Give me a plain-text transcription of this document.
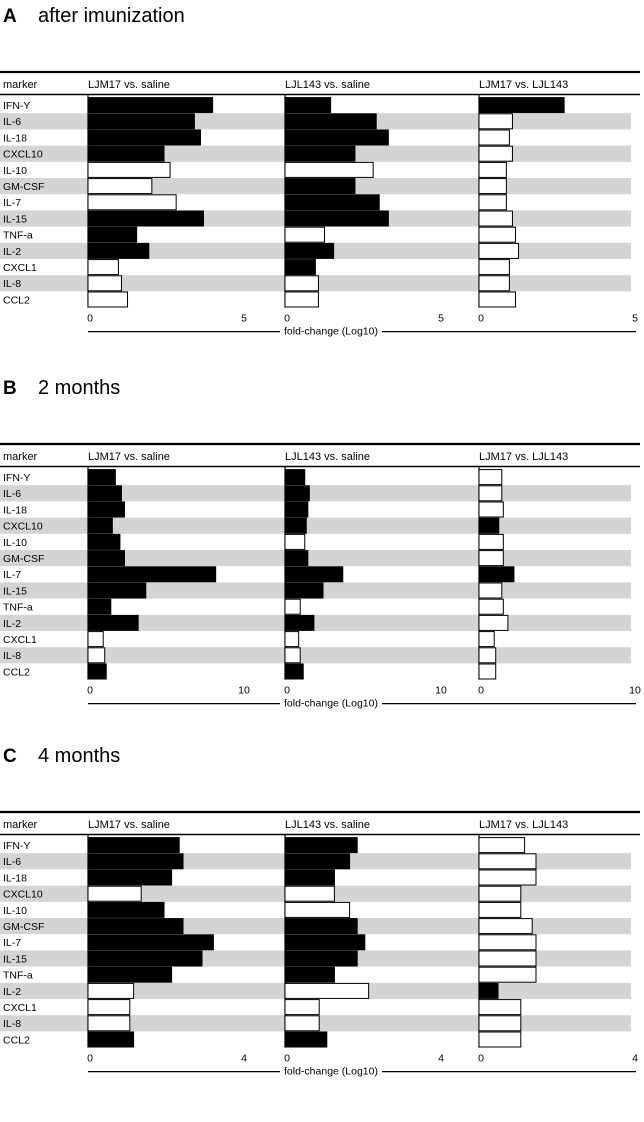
A after imunization
marker
IFN-Y
IL-6
IL-18
CXCL10
IL-10
GM-CSF
IL-7
IL-15
TNF-a
IL-2
CXCL1
IL-8
CCL2
LJM17 vs. saline
0	5
LJL143 vs. saline
0	5
LJM17 vs. LJL143
0	5
fold-change (Log10)
B 2 months
marker
IFN-Y
IL-6
IL-18
CXCL10
IL-10
GM-CSF
IL-7
IL-15
TNF-a
IL-2
CXCL1
IL-8
CCL2
LJM17 vs. saline
0	10
LJL143 vs. saline
0	10
LJM17 vs. LJL143
0	10
fold-change (Log10)
C 4 months
marker
IFN-Y
IL-6
IL-18
CXCL10
IL-10
GM-CSF
IL-7
IL-15
TNF-a
IL-2
CXCL1
IL-8
CCL2
LJM17 vs. saline
0	4
LJL143 vs. saline
0	4
LJM17 vs. LJL143
0	4
fold-change (Log10)
